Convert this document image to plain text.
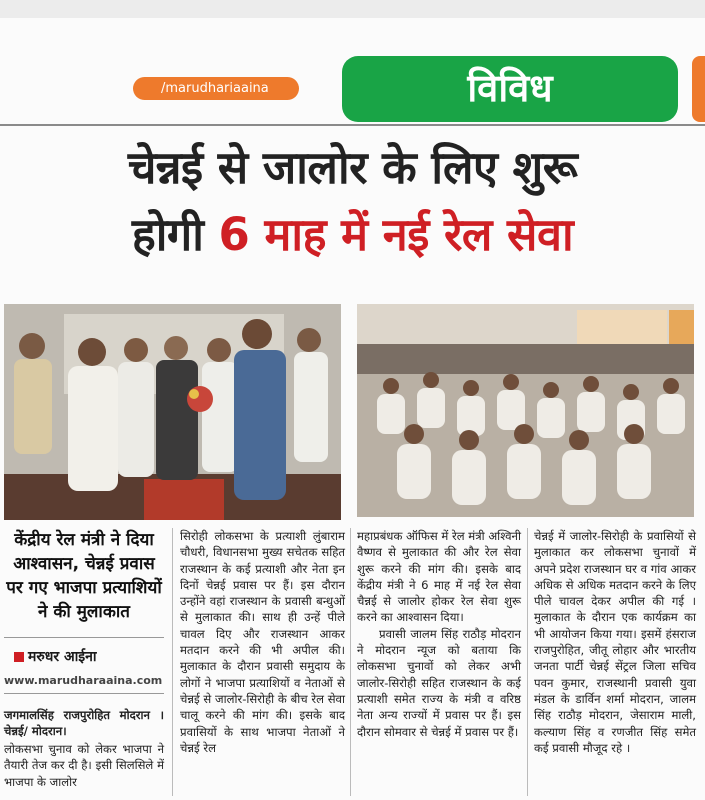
/marudhariaaina	विविध
चेन्नई से जालोर के लिए शुरू
होगी 6 माह में नई रेल सेवा
केंद्रीय रेल मंत्री ने दिया आश्वासन, चेन्नई प्रवास पर गए भाजपा प्रत्याशियों ने की मुलाकात
मरुधर आईना
www.marudharaaina.com
जगमालसिंह राजपुरोहित मोदरान ।चेन्नई/ मोदरान।
लोकसभा चुनाव को लेकर भाजपा ने तैयारी तेज कर दी है। इसी सिलसिले में भाजपा के जालोर
सिरोही लोकसभा के प्रत्याशी लुंबाराम चौधरी, विधानसभा मुख्य सचेतक सहित राजस्थान के कई प्रत्याशी और नेता इन दिनों चेन्नई प्रवास पर हैं। इस दौरान उन्होंने वहां राजस्थान के प्रवासी बन्धुओं से मुलाकात की। साथ ही उन्हें पीले चावल दिए और राजस्थान आकर मतदान करने की भी अपील की। मुलाकात के दौरान प्रवासी समुदाय के लोगों ने भाजपा प्रत्याशियों व नेताओं से चेन्नई से जालोर-सिरोही के बीच रेल सेवा चालू करने की मांग की। इसके बाद प्रवासियों के साथ भाजपा नेताओं ने चेन्नई रेल
महाप्रबंधक ऑफिस में रेल मंत्री अश्विनी वैष्णव से मुलाकात की और रेल सेवा शुरू करने की मांग की। इसके बाद केंद्रीय मंत्री ने 6 माह में नई रेल सेवा चैन्नई से जालोर होकर रेल सेवा शुरू करने का आश्वासन दिया।
प्रवासी जालम सिंह राठौड़ मोदरान ने मोदरान न्यूज को बताया कि लोकसभा चुनावों को लेकर अभी जालोर-सिरोही सहित राजस्थान के कई प्रत्याशी समेत राज्य के मंत्री व वरिष्ठ नेता अन्य राज्यों में प्रवास पर हैं। इस दौरान सोमवार से चेन्नई में प्रवास पर हैं।
चेन्नई में जालोर-सिरोही के प्रवासियों से मुलाकात कर लोकसभा चुनावों में अपने प्रदेश राजस्थान घर व गांव आकर अधिक से अधिक मतदान करने के लिए पीले चावल देकर अपील की गई । मुलाकात के दौरान एक कार्यक्रम का भी आयोजन किया गया। इसमें हंसराज राजपुरोहित, जीतू लोहार और भारतीय जनता पार्टी चेन्नई सेंट्रल जिला सचिव पवन कुमार, राजस्थानी प्रवासी युवा मंडल के डार्विन शर्मा मोदरान, जालम सिंह राठौड़ मोदरान, जेसाराम माली, कल्याण सिंह व रणजीत सिंह समेत कई प्रवासी मौजूद रहे ।
